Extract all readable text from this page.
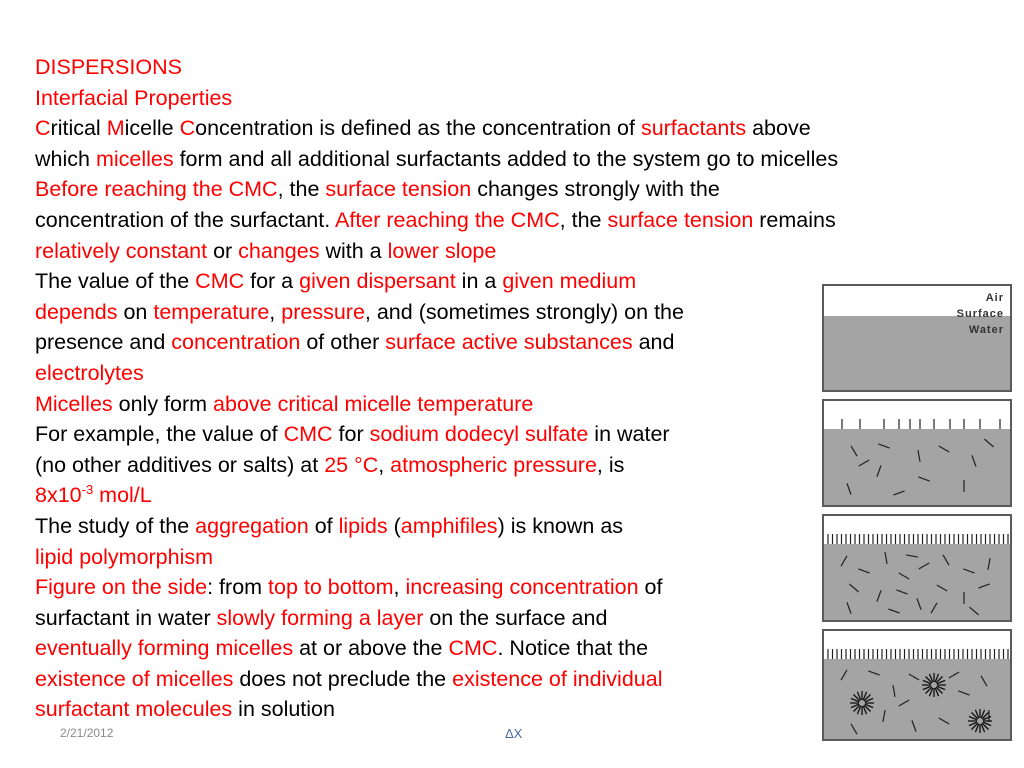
DISPERSIONS
Interfacial Properties
Critical Micelle Concentration is defined as the concentration of surfactants above
which micelles form and all additional surfactants added to the system go to micelles
Before reaching the CMC, the surface tension changes strongly with the
concentration of the surfactant. After reaching the CMC, the surface tension remains
relatively constant or changes with a lower slope
The value of the CMC for a given dispersant in a given medium
depends on temperature, pressure, and (sometimes strongly) on the
presence and concentration of other surface active substances and
electrolytes
Micelles only form above critical micelle temperature
For example, the value of CMC for sodium dodecyl sulfate in water
(no other additives or salts) at 25 °C, atmospheric pressure, is
$8x10^{-3}$ mol/L
The study of the aggregation of lipids (amphifiles) is known as
lipid polymorphism
Figure on the side: from top to bottom, increasing concentration of
surfactant in water slowly forming a layer on the surface and
eventually forming micelles at or above the CMC. Notice that the
existence of micelles does not preclude the existence of individual
surfactant molecules in solution
Air
Surface
Water
2/21/2012	ΔX
